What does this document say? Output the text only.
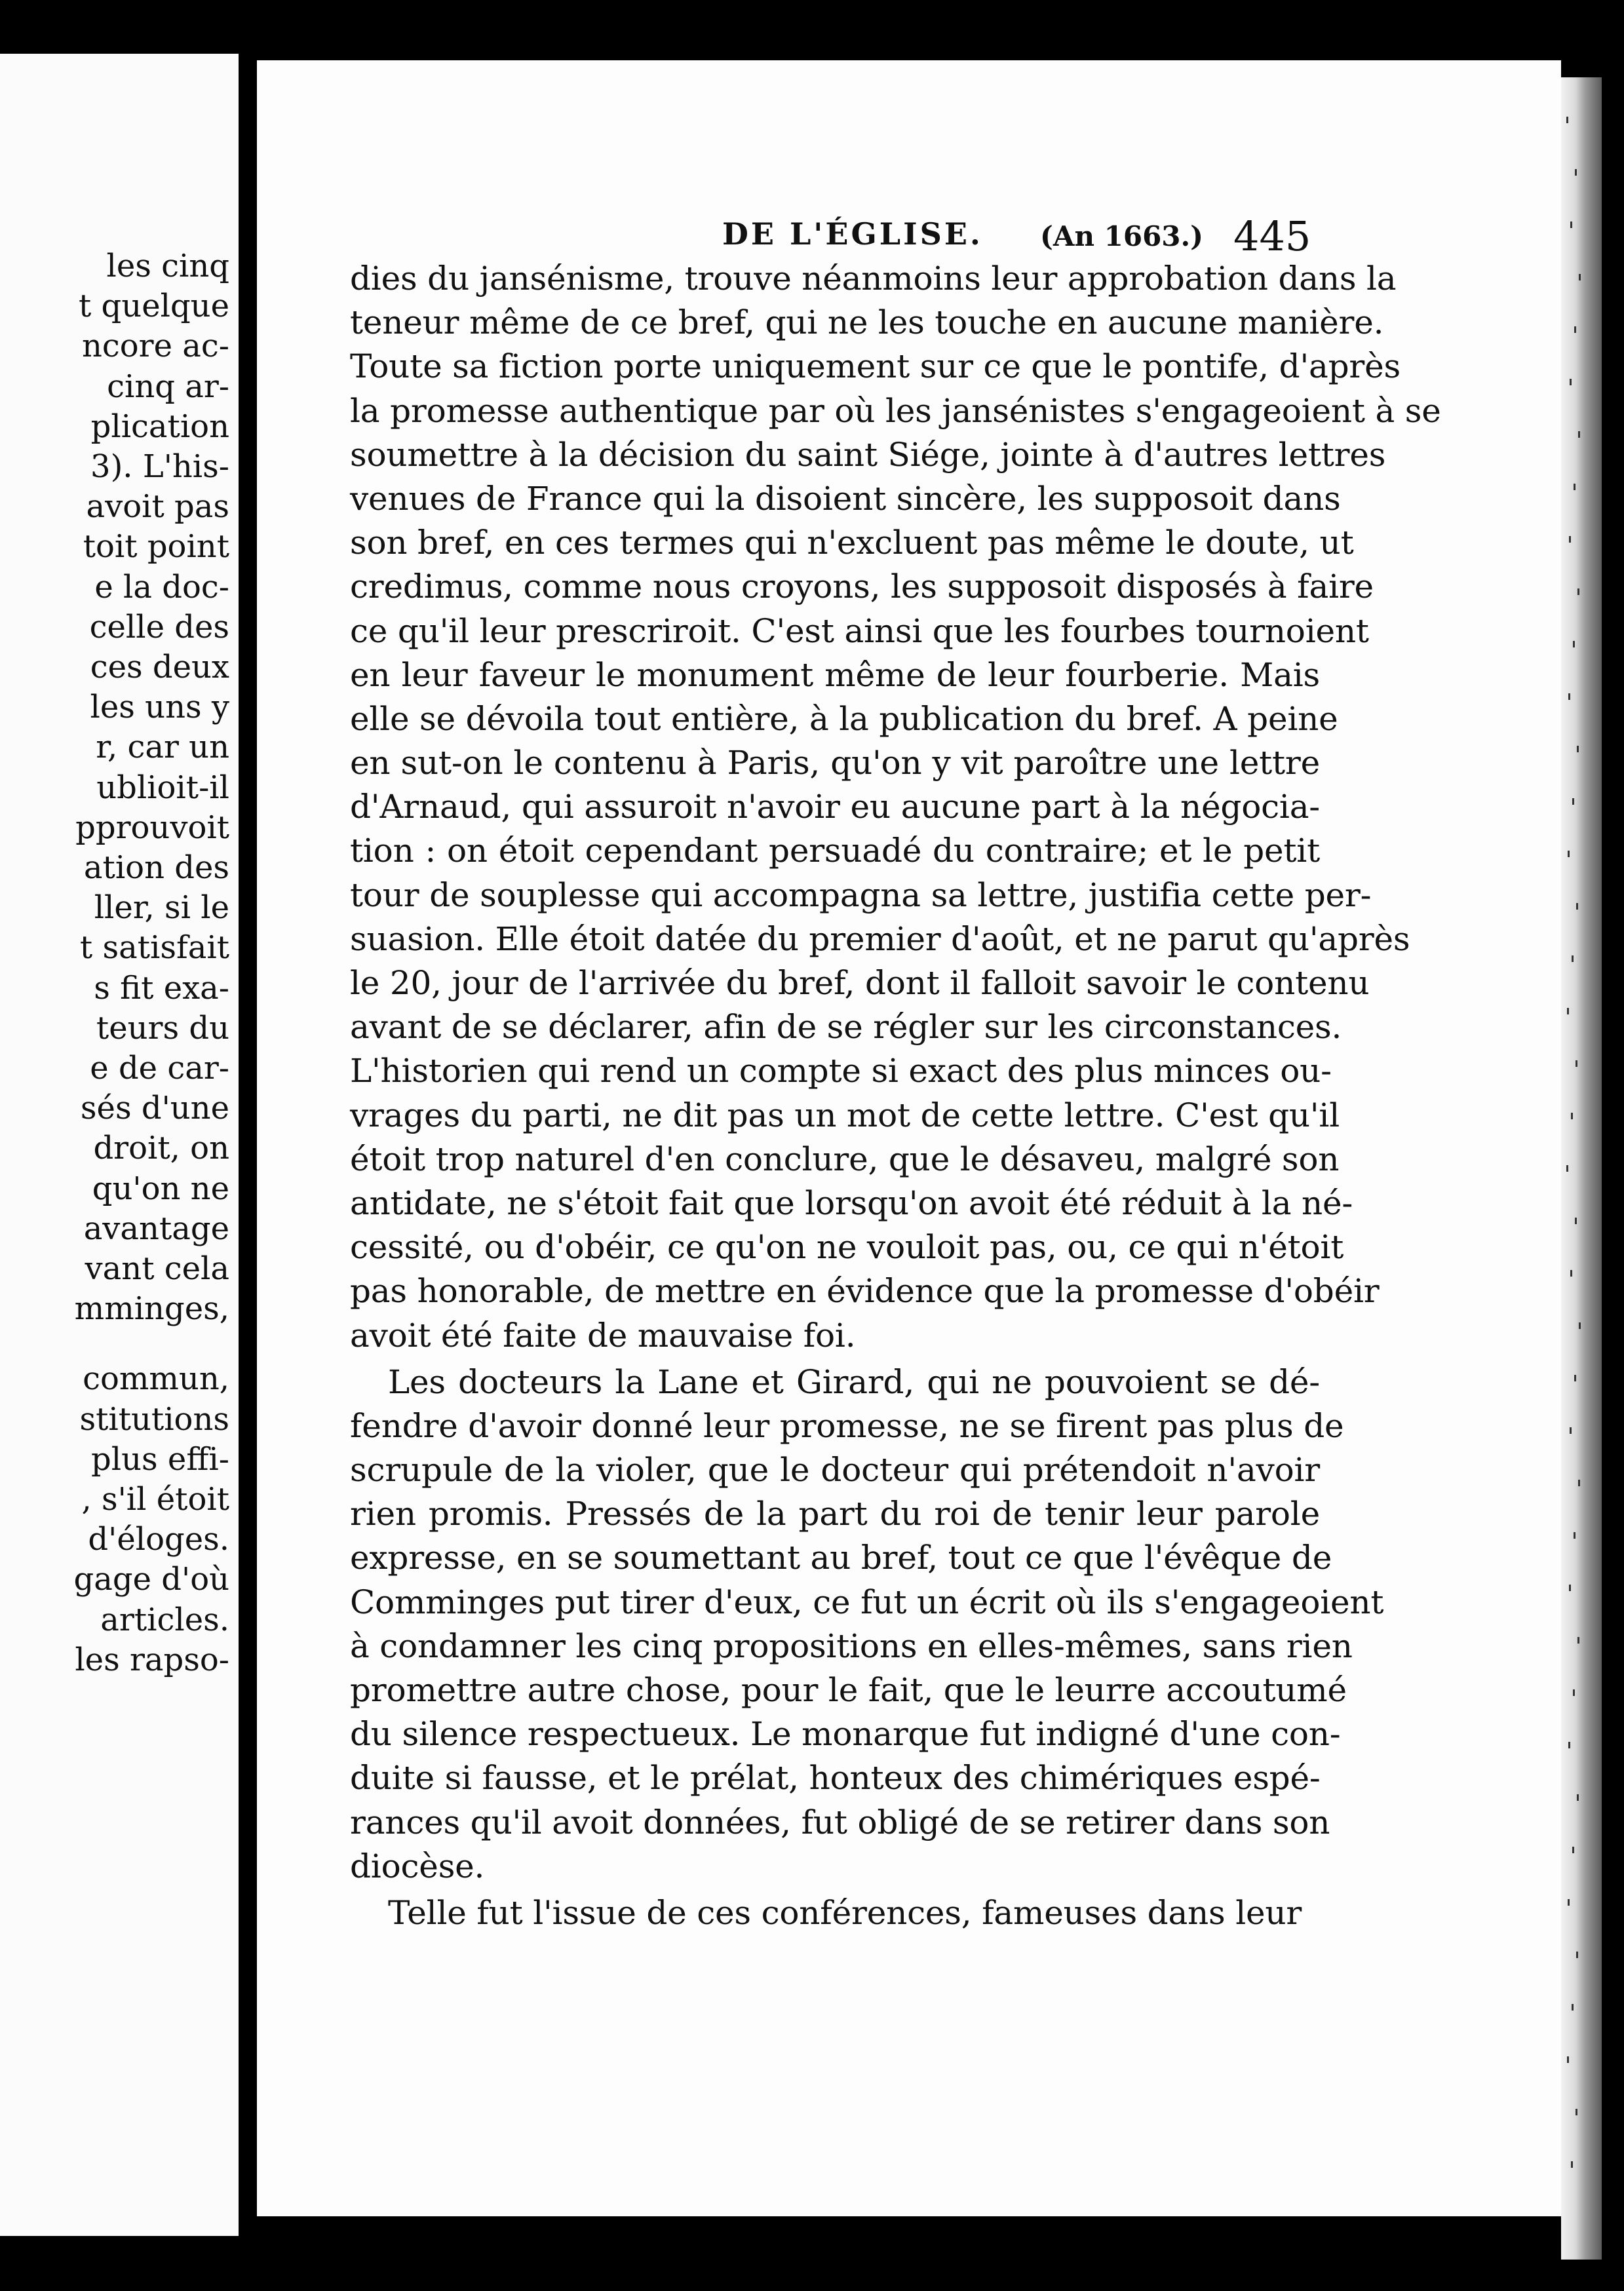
les cinq
t quelque
ncore ac-
cinq ar-
plication
3). L'his-
avoit pas
toit point
e la doc-
celle des
ces deux
les uns y
r, car un
ublioit-il
pprouvoit
ation des
ller, si le
t satisfait
s fit exa-
teurs du
e de car-
sés d'une
droit, on
qu'on ne
avantage
vant cela
mminges,
commun,
stitutions
plus effi-
, s'il étoit
d'éloges.
gage d'où
articles.
les rapso-
DE L'ÉGLISE. (An 1663.) 445
dies du jansénisme, trouve néanmoins leur approbation dans la
teneur même de ce bref, qui ne les touche en aucune manière.
Toute sa fiction porte uniquement sur ce que le pontife, d'après
la promesse authentique par où les jansénistes s'engageoient à se
soumettre à la décision du saint Siége, jointe à d'autres lettres
venues de France qui la disoient sincère, les supposoit dans
son bref, en ces termes qui n'excluent pas même le doute, ut
credimus, comme nous croyons, les supposoit disposés à faire
ce qu'il leur prescriroit. C'est ainsi que les fourbes tournoient
en leur faveur le monument même de leur fourberie. Mais
elle se dévoila tout entière, à la publication du bref. A peine
en sut-on le contenu à Paris, qu'on y vit paroître une lettre
d'Arnaud, qui assuroit n'avoir eu aucune part à la négocia-
tion : on étoit cependant persuadé du contraire; et le petit
tour de souplesse qui accompagna sa lettre, justifia cette per-
suasion. Elle étoit datée du premier d'août, et ne parut qu'après
le 20, jour de l'arrivée du bref, dont il falloit savoir le contenu
avant de se déclarer, afin de se régler sur les circonstances.
L'historien qui rend un compte si exact des plus minces ou-
vrages du parti, ne dit pas un mot de cette lettre. C'est qu'il
étoit trop naturel d'en conclure, que le désaveu, malgré son
antidate, ne s'étoit fait que lorsqu'on avoit été réduit à la né-
cessité, ou d'obéir, ce qu'on ne vouloit pas, ou, ce qui n'étoit
pas honorable, de mettre en évidence que la promesse d'obéir
avoit été faite de mauvaise foi.
Les docteurs la Lane et Girard, qui ne pouvoient se dé-
fendre d'avoir donné leur promesse, ne se firent pas plus de
scrupule de la violer, que le docteur qui prétendoit n'avoir
rien promis. Pressés de la part du roi de tenir leur parole
expresse, en se soumettant au bref, tout ce que l'évêque de
Comminges put tirer d'eux, ce fut un écrit où ils s'engageoient
à condamner les cinq propositions en elles-mêmes, sans rien
promettre autre chose, pour le fait, que le leurre accoutumé
du silence respectueux. Le monarque fut indigné d'une con-
duite si fausse, et le prélat, honteux des chimériques espé-
rances qu'il avoit données, fut obligé de se retirer dans son
diocèse.
Telle fut l'issue de ces conférences, fameuses dans leur
